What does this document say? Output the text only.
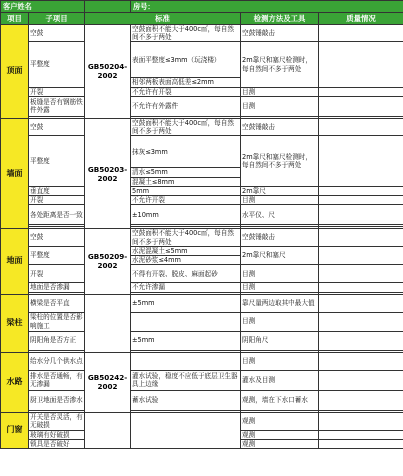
客户姓名			房号：		
项目	子项目	标准		检测方法及工具	质量情况
顶面	空鼓	GB50204-2002	空鼓面积不能大于400c㎡，每自然间不多于两处	空鼓锤敲击	
	平整度		表面平整度≤3mm（玩浇楼）	2m靠尺和塞尺检测时，每自然间不多于两处	
			相邻两板表面高低差≤2mm		
	开裂		不允许有开裂	目测	
	板缝是否有钢筋铁件外露		不允许有外露件	目测	

墙面	空鼓	GB50203-2002	空鼓面积不能大于400c㎡，每自然间不多于两处	空鼓锤敲击	
	平整度		抹灰≤3mm	2m靠尺和塞尺检测时，每自然间不多于两处	
			清水≤5mm		
			混凝土≤8mm		
	垂直度		5mm	2m靠尺	
	开裂		不允许开裂	目测	
	各处距离是否一致		±10mm	水平仪、尺	

地面	空鼓	GB50209-2002	空鼓面积不能大于400c㎡，每自然间不多于两处	空鼓锤敲击	
	平整度		水泥混凝土≤5mm	2m靠尺和塞尺	
			水泥砂浆≤4mm		
	开裂		不得有开裂、脱皮、麻面起砂	目测	
	地面是否渗漏		不允许渗漏	目测	

梁柱	横梁是否平直		±5mm	靠尺量两边取其中最大值	
	梁柱的位置是否影响施工			目测	
	阴阳角是否方正		±5mm	阴阳角尺	

水路	给水分几个供水点	GB50242-2002		目测	
	排水是否通畅，有无渗漏		灌水试验，稳度不应低于底层卫生器具上边缘	灌水及目测	
	厨卫地面是否渗水		蓄水试验	观测，墙在下水口蓄水	

门窗	开关是否灵活，有无破损			观测	
	玻璃有好破损			观测	
	锁具是否破好			观测	
